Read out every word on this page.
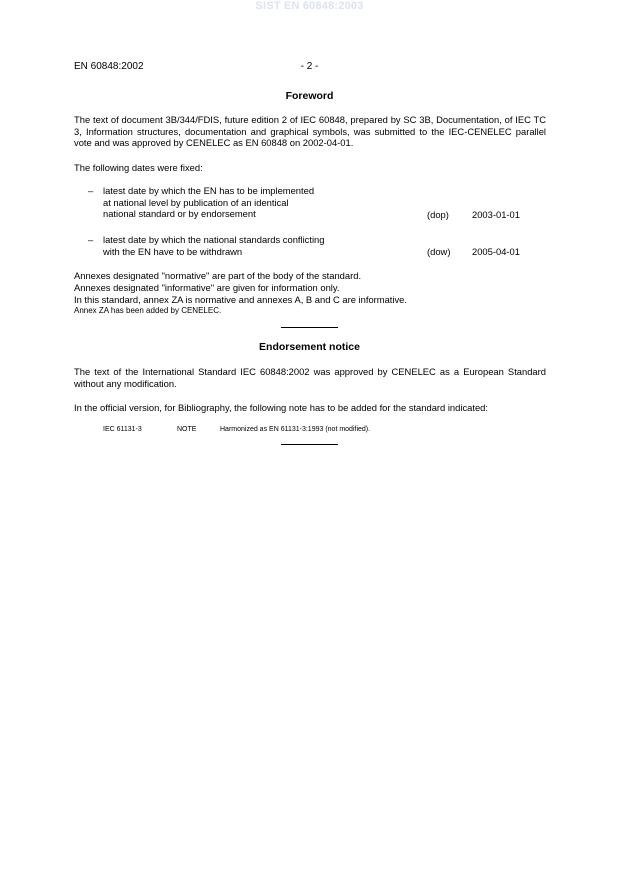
SIST EN 60848:2003
EN 60848:2002	- 2 -
Foreword
The text of document 3B/344/FDIS, future edition 2 of IEC 60848, prepared by SC 3B, Documentation, of IEC TC 3, Information structures, documentation and graphical symbols, was submitted to the IEC-CENELEC parallel vote and was approved by CENELEC as EN 60848 on 2002-04-01.
The following dates were fixed:
– latest date by which the EN has to be implemented
at national level by publication of an identical
national standard or by endorsement	(dop) 2003-01-01
– latest date by which the national standards conflicting
with the EN have to be withdrawn	(dow) 2005-04-01
Annexes designated "normative" are part of the body of the standard.
Annexes designated "informative" are given for information only.
In this standard, annex ZA is normative and annexes A, B and C are informative.
Annex ZA has been added by CENELEC.
Endorsement notice
The text of the International Standard IEC 60848:2002 was approved by CENELEC as a European Standard without any modification.
In the official version, for Bibliography, the following note has to be added for the standard indicated:
IEC 61131-3	NOTE	Harmonized as EN 61131-3:1993 (not modified).
